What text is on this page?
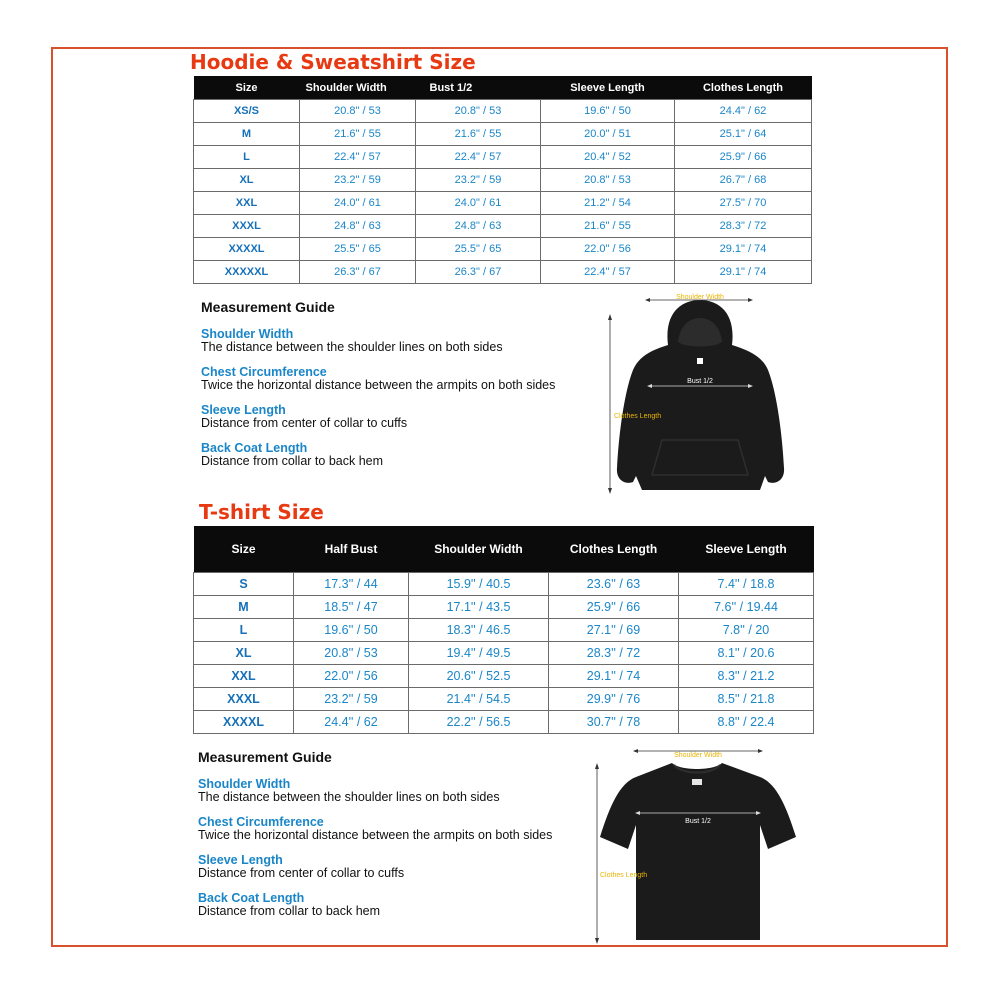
Hoodie & Sweatshirt Size
Size	Shoulder Width	Bust 1/2	Sleeve Length	Clothes Length
XS/S	20.8" / 53	20.8" / 53	19.6" / 50	24.4" / 62
M	21.6" / 55	21.6" / 55	20.0" / 51	25.1" / 64
L	22.4" / 57	22.4" / 57	20.4" / 52	25.9" / 66
XL	23.2" / 59	23.2" / 59	20.8" / 53	26.7" / 68
XXL	24.0" / 61	24.0" / 61	21.2" / 54	27.5" / 70
XXXL	24.8" / 63	24.8" / 63	21.6" / 55	28.3" / 72
XXXXL	25.5" / 65	25.5" / 65	22.0" / 56	29.1" / 74
XXXXXL	26.3" / 67	26.3" / 67	22.4" / 57	29.1" / 74
Measurement Guide
Shoulder Width
The distance between the shoulder lines on both sides
Chest Circumference
Twice the horizontal distance between the armpits on both sides
Sleeve Length
Distance from center of collar to cuffs
Back Coat Length
Distance from collar to back hem
Shoulder Width
Bust 1/2
Clothes Length
T-shirt Size
Size	Half Bust	Shoulder Width	Clothes Length	Sleeve Length
S	17.3'' / 44	15.9'' / 40.5	23.6'' / 63	7.4'' / 18.8
M	18.5'' / 47	17.1'' / 43.5	25.9'' / 66	7.6'' / 19.44
L	19.6'' / 50	18.3'' / 46.5	27.1'' / 69	7.8'' / 20
XL	20.8'' / 53	19.4'' / 49.5	28.3'' / 72	8.1'' / 20.6
XXL	22.0'' / 56	20.6'' / 52.5	29.1'' / 74	8.3'' / 21.2
XXXL	23.2'' / 59	21.4'' / 54.5	29.9'' / 76	8.5'' / 21.8
XXXXL	24.4'' / 62	22.2'' / 56.5	30.7'' / 78	8.8'' / 22.4
Measurement Guide
Shoulder Width
The distance between the shoulder lines on both sides
Chest Circumference
Twice the horizontal distance between the armpits on both sides
Sleeve Length
Distance from center of collar to cuffs
Back Coat Length
Distance from collar to back hem
Shoulder Width
Bust 1/2
Clothes Length
